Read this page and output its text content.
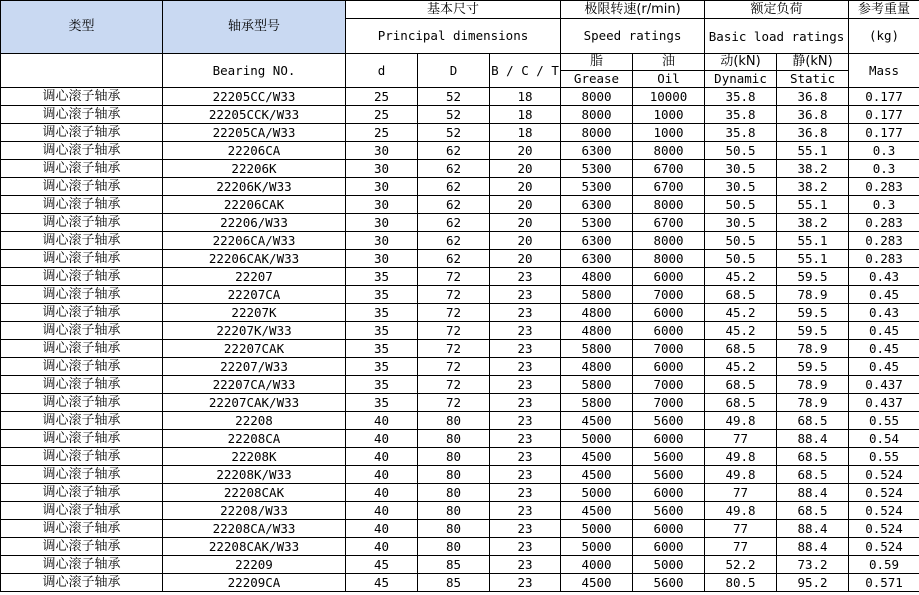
类型	轴承型号	基本尺寸			极限转速(r/min)		额定负荷		参考重量
		Principal dimensions			Speed ratings		Basic load ratings		(kg)
	Bearing NO.	d	D	B / C / T	脂	油	动(kN)	静(kN)	Mass
					Grease	Oil	Dynamic	Static	
调心滚子轴承	22205CC/W33	25	52	18	8000	10000	35.8	36.8	0.177
调心滚子轴承	22205CCK/W33	25	52	18	8000	1000	35.8	36.8	0.177
调心滚子轴承	22205CA/W33	25	52	18	8000	1000	35.8	36.8	0.177
调心滚子轴承	22206CA	30	62	20	6300	8000	50.5	55.1	0.3
调心滚子轴承	22206K	30	62	20	5300	6700	30.5	38.2	0.3
调心滚子轴承	22206K/W33	30	62	20	5300	6700	30.5	38.2	0.283
调心滚子轴承	22206CAK	30	62	20	6300	8000	50.5	55.1	0.3
调心滚子轴承	22206/W33	30	62	20	5300	6700	30.5	38.2	0.283
调心滚子轴承	22206CA/W33	30	62	20	6300	8000	50.5	55.1	0.283
调心滚子轴承	22206CAK/W33	30	62	20	6300	8000	50.5	55.1	0.283
调心滚子轴承	22207	35	72	23	4800	6000	45.2	59.5	0.43
调心滚子轴承	22207CA	35	72	23	5800	7000	68.5	78.9	0.45
调心滚子轴承	22207K	35	72	23	4800	6000	45.2	59.5	0.43
调心滚子轴承	22207K/W33	35	72	23	4800	6000	45.2	59.5	0.45
调心滚子轴承	22207CAK	35	72	23	5800	7000	68.5	78.9	0.45
调心滚子轴承	22207/W33	35	72	23	4800	6000	45.2	59.5	0.45
调心滚子轴承	22207CA/W33	35	72	23	5800	7000	68.5	78.9	0.437
调心滚子轴承	22207CAK/W33	35	72	23	5800	7000	68.5	78.9	0.437
调心滚子轴承	22208	40	80	23	4500	5600	49.8	68.5	0.55
调心滚子轴承	22208CA	40	80	23	5000	6000	77	88.4	0.54
调心滚子轴承	22208K	40	80	23	4500	5600	49.8	68.5	0.55
调心滚子轴承	22208K/W33	40	80	23	4500	5600	49.8	68.5	0.524
调心滚子轴承	22208CAK	40	80	23	5000	6000	77	88.4	0.524
调心滚子轴承	22208/W33	40	80	23	4500	5600	49.8	68.5	0.524
调心滚子轴承	22208CA/W33	40	80	23	5000	6000	77	88.4	0.524
调心滚子轴承	22208CAK/W33	40	80	23	5000	6000	77	88.4	0.524
调心滚子轴承	22209	45	85	23	4000	5000	52.2	73.2	0.59
调心滚子轴承	22209CA	45	85	23	4500	5600	80.5	95.2	0.571
